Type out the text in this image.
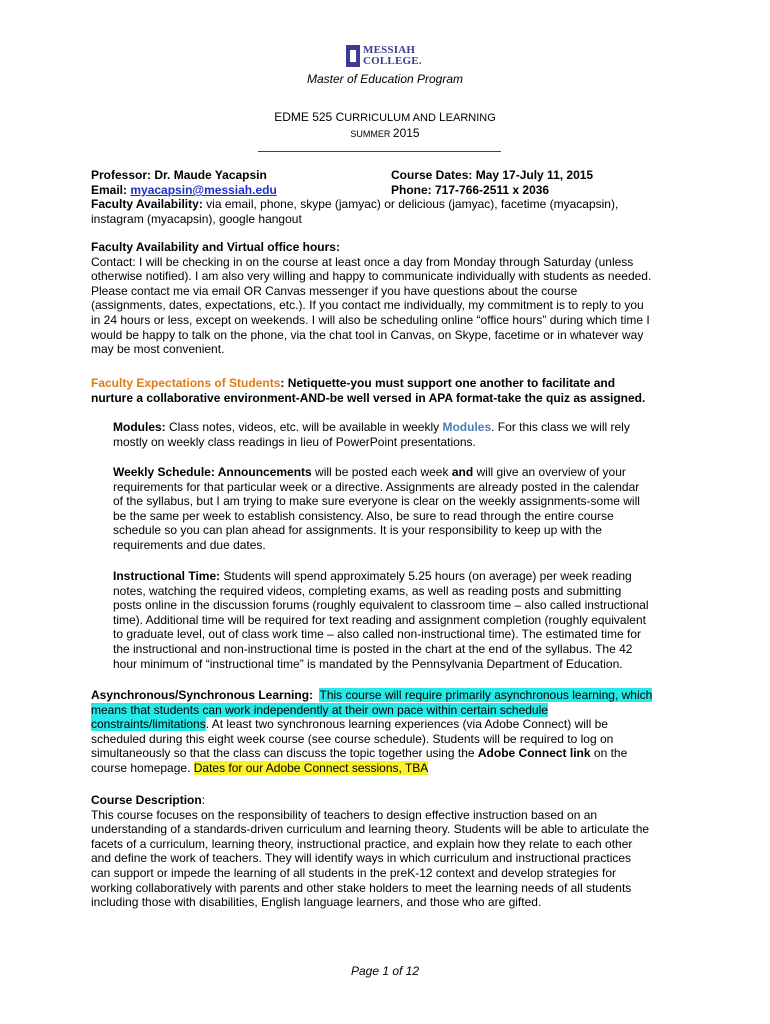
MESSIAH
COLLEGE.
Master of Education Program
EDME 525 CURRICULUM AND LEARNING
SUMMER 2015
Professor: Dr. Maude Yacapsin	Course Dates: May 17-July 11, 2015
Email: myacapsin@messiah.edu	Phone: 717-766-2511 x 2036
Faculty Availability: via email, phone, skype (jamyac) or delicious (jamyac), facetime (myacapsin),
instagram (myacapsin), google hangout
Faculty Availability and Virtual office hours:
Contact: I will be checking in on the course at least once a day from Monday through Saturday (unless
otherwise notified). I am also very willing and happy to communicate individually with students as needed.
Please contact me via email OR Canvas messenger if you have questions about the course
(assignments, dates, expectations, etc.). If you contact me individually, my commitment is to reply to you
in 24 hours or less, except on weekends. I will also be scheduling online “office hours” during which time I
would be happy to talk on the phone, via the chat tool in Canvas, on Skype, facetime or in whatever way
may be most convenient.
Faculty Expectations of Students: Netiquette-you must support one another to facilitate and
nurture a collaborative environment-AND-be well versed in APA format-take the quiz as assigned.
Modules: Class notes, videos, etc. will be available in weekly Modules. For this class we will rely
mostly on weekly class readings in lieu of PowerPoint presentations.
Weekly Schedule: Announcements will be posted each week and will give an overview of your
requirements for that particular week or a directive. Assignments are already posted in the calendar
of the syllabus, but I am trying to make sure everyone is clear on the weekly assignments-some will
be the same per week to establish consistency. Also, be sure to read through the entire course
schedule so you can plan ahead for assignments. It is your responsibility to keep up with the
requirements and due dates.
Instructional Time: Students will spend approximately 5.25 hours (on average) per week reading
notes, watching the required videos, completing exams, as well as reading posts and submitting
posts online in the discussion forums (roughly equivalent to classroom time – also called instructional
time). Additional time will be required for text reading and assignment completion (roughly equivalent
to graduate level, out of class work time – also called non-instructional time). The estimated time for
the instructional and non-instructional time is posted in the chart at the end of the syllabus. The 42
hour minimum of “instructional time” is mandated by the Pennsylvania Department of Education.
Asynchronous/Synchronous Learning: This course will require primarily asynchronous learning, which
means that students can work independently at their own pace within certain schedule
constraints/limitations. At least two synchronous learning experiences (via Adobe Connect) will be
scheduled during this eight week course (see course schedule). Students will be required to log on
simultaneously so that the class can discuss the topic together using the Adobe Connect link on the
course homepage. Dates for our Adobe Connect sessions, TBA
Course Description:
This course focuses on the responsibility of teachers to design effective instruction based on an
understanding of a standards-driven curriculum and learning theory. Students will be able to articulate the
facets of a curriculum, learning theory, instructional practice, and explain how they relate to each other
and define the work of teachers. They will identify ways in which curriculum and instructional practices
can support or impede the learning of all students in the preK-12 context and develop strategies for
working collaboratively with parents and other stake holders to meet the learning needs of all students
including those with disabilities, English language learners, and those who are gifted.
Page 1 of 12
